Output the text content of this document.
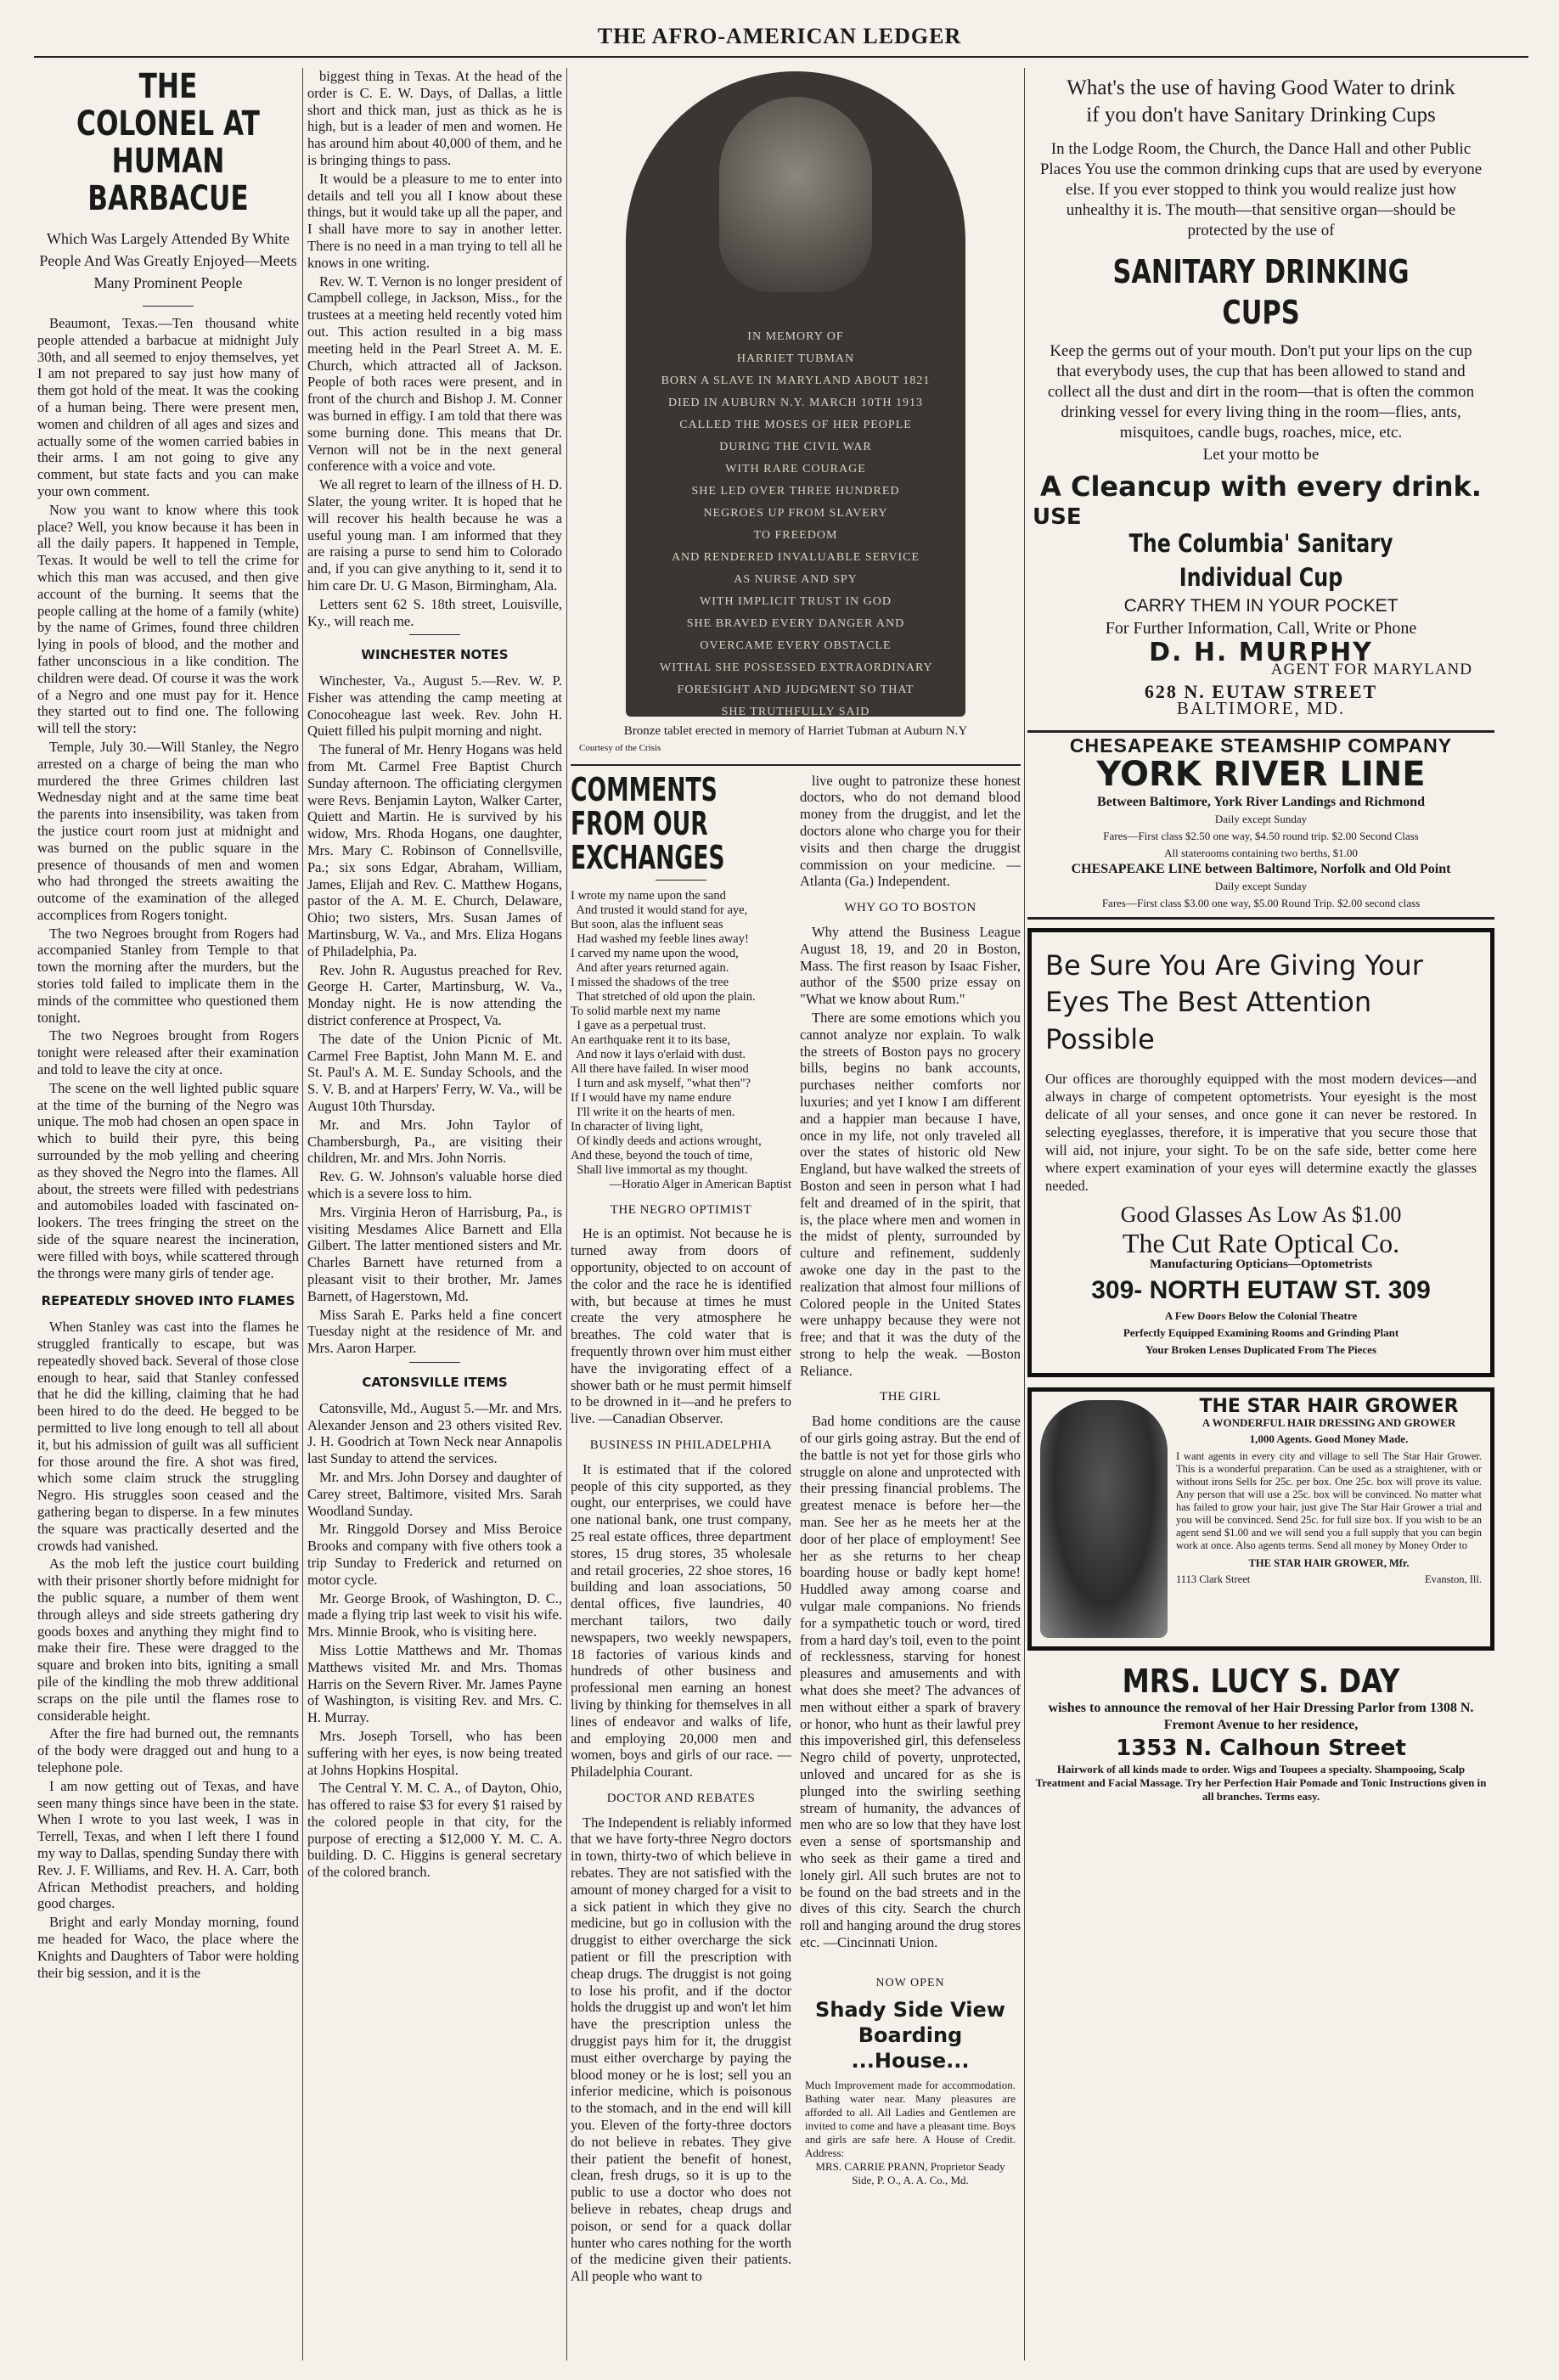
THE AFRO-AMERICAN LEDGER
THE COLONEL AT HUMAN BARBACUE
Which Was Largely Attended By White People And Was Greatly Enjoyed—Meets Many Prominent People
Beaumont, Texas.—Ten thousand white people attended a barbacue at midnight July 30th, and all seemed to enjoy themselves, yet I am not prepared to say just how many of them got hold of the meat. It was the cooking of a human being. There were present men, women and children of all ages and sizes and actually some of the women carried babies in their arms. I am not going to give any comment, but state facts and you can make your own comment.
Now you want to know where this took place? Well, you know because it has been in all the daily papers. It happened in Temple, Texas. It would be well to tell the crime for which this man was accused, and then give account of the burning. It seems that the people calling at the home of a family (white) by the name of Grimes, found three children lying in pools of blood, and the mother and father unconscious in a like condition. The children were dead. Of course it was the work of a Negro and one must pay for it. Hence they started out to find one. The following will tell the story:
Temple, July 30.—Will Stanley, the Negro arrested on a charge of being the man who murdered the three Grimes children last Wednesday night and at the same time beat the parents into insensibility, was taken from the justice court room just at midnight and was burned on the public square in the presence of thousands of men and women who had thronged the streets awaiting the outcome of the examination of the alleged accomplices from Rogers tonight.
The two Negroes brought from Rogers had accompanied Stanley from Temple to that town the morning after the murders, but the stories told failed to implicate them in the minds of the committee who questioned them tonight.
The two Negroes brought from Rogers tonight were released after their examination and told to leave the city at once.
The scene on the well lighted public square at the time of the burning of the Negro was unique. The mob had chosen an open space in which to build their pyre, this being surrounded by the mob yelling and cheering as they shoved the Negro into the flames. All about, the streets were filled with pedestrians and automobiles loaded with fascinated on-lookers. The trees fringing the street on the side of the square nearest the incineration, were filled with boys, while scattered through the throngs were many girls of tender age.
REPEATEDLY SHOVED INTO FLAMES
When Stanley was cast into the flames he struggled frantically to escape, but was repeatedly shoved back. Several of those close enough to hear, said that Stanley confessed that he did the killing, claiming that he had been hired to do the deed. He begged to be permitted to live long enough to tell all about it, but his admission of guilt was all sufficient for those around the fire. A shot was fired, which some claim struck the struggling Negro. His struggles soon ceased and the gathering began to disperse. In a few minutes the square was practically deserted and the crowds had vanished.
As the mob left the justice court building with their prisoner shortly before midnight for the public square, a number of them went through alleys and side streets gathering dry goods boxes and anything they might find to make their fire. These were dragged to the square and broken into bits, igniting a small pile of the kindling the mob threw additional scraps on the pile until the flames rose to considerable height.
After the fire had burned out, the remnants of the body were dragged out and hung to a telephone pole.
I am now getting out of Texas, and have seen many things since have been in the state. When I wrote to you last week, I was in Terrell, Texas, and when I left there I found my way to Dallas, spending Sunday there with Rev. J. F. Williams, and Rev. H. A. Carr, both African Methodist preachers, and holding good charges.
Bright and early Monday morning, found me headed for Waco, the place where the Knights and Daughters of Tabor were holding their big session, and it is the
biggest thing in Texas. At the head of the order is C. E. W. Days, of Dallas, a little short and thick man, just as thick as he is high, but is a leader of men and women. He has around him about 40,000 of them, and he is bringing things to pass.
It would be a pleasure to me to enter into details and tell you all I know about these things, but it would take up all the paper, and I shall have more to say in another letter. There is no need in a man trying to tell all he knows in one writing.
Rev. W. T. Vernon is no longer president of Campbell college, in Jackson, Miss., for the trustees at a meeting held recently voted him out. This action resulted in a big mass meeting held in the Pearl Street A. M. E. Church, which attracted all of Jackson. People of both races were present, and in front of the church and Bishop J. M. Conner was burned in effigy. I am told that there was some burning done. This means that Dr. Vernon will not be in the next general conference with a voice and vote.
We all regret to learn of the illness of H. D. Slater, the young writer. It is hoped that he will recover his health because he was a useful young man. I am informed that they are raising a purse to send him to Colorado and, if you can give anything to it, send it to him care Dr. U. G Mason, Birmingham, Ala.
Letters sent 62 S. 18th street, Louisville, Ky., will reach me.
WINCHESTER NOTES
Winchester, Va., August 5.—Rev. W. P. Fisher was attending the camp meeting at Conocoheague last week. Rev. John H. Quiett filled his pulpit morning and night.
The funeral of Mr. Henry Hogans was held from Mt. Carmel Free Baptist Church Sunday afternoon. The officiating clergymen were Revs. Benjamin Layton, Walker Carter, Quiett and Martin. He is survived by his widow, Mrs. Rhoda Hogans, one daughter, Mrs. Mary C. Robinson of Connellsville, Pa.; six sons Edgar, Abraham, William, James, Elijah and Rev. C. Matthew Hogans, pastor of the A. M. E. Church, Delaware, Ohio; two sisters, Mrs. Susan James of Martinsburg, W. Va., and Mrs. Eliza Hogans of Philadelphia, Pa.
Rev. John R. Augustus preached for Rev. George H. Carter, Martinsburg, W. Va., Monday night. He is now attending the district conference at Prospect, Va.
The date of the Union Picnic of Mt. Carmel Free Baptist, John Mann M. E. and St. Paul's A. M. E. Sunday Schools, and the S. V. B. and at Harpers' Ferry, W. Va., will be August 10th Thursday.
Mr. and Mrs. John Taylor of Chambersburgh, Pa., are visiting their children, Mr. and Mrs. John Norris.
Rev. G. W. Johnson's valuable horse died which is a severe loss to him.
Mrs. Virginia Heron of Harrisburg, Pa., is visiting Mesdames Alice Barnett and Ella Gilbert. The latter mentioned sisters and Mr. Charles Barnett have returned from a pleasant visit to their brother, Mr. James Barnett, of Hagerstown, Md.
Miss Sarah E. Parks held a fine concert Tuesday night at the residence of Mr. and Mrs. Aaron Harper.
CATONSVILLE ITEMS
Catonsville, Md., August 5.—Mr. and Mrs. Alexander Jenson and 23 others visited Rev. J. H. Goodrich at Town Neck near Annapolis last Sunday to attend the services.
Mr. and Mrs. John Dorsey and daughter of Carey street, Baltimore, visited Mrs. Sarah Woodland Sunday.
Mr. Ringgold Dorsey and Miss Beroice Brooks and company with five others took a trip Sunday to Frederick and returned on motor cycle.
Mr. George Brook, of Washington, D. C., made a flying trip last week to visit his wife. Mrs. Minnie Brook, who is visiting here.
Miss Lottie Matthews and Mr. Thomas Matthews visited Mr. and Mrs. Thomas Harris on the Severn River. Mr. James Payne of Washington, is visiting Rev. and Mrs. C. H. Murray.
Mrs. Joseph Torsell, who has been suffering with her eyes, is now being treated at Johns Hopkins Hospital.
The Central Y. M. C. A., of Dayton, Ohio, has offered to raise $3 for every $1 raised by the colored people in that city, for the purpose of erecting a $12,000 Y. M. C. A. building. D. C. Higgins is general secretary of the colored branch.
IN MEMORY OF
HARRIET TUBMAN
BORN A SLAVE IN MARYLAND ABOUT 1821
DIED IN AUBURN N.Y. MARCH 10TH 1913
CALLED THE MOSES OF HER PEOPLE
DURING THE CIVIL WAR
WITH RARE COURAGE
SHE LED OVER THREE HUNDRED
NEGROES UP FROM SLAVERY
TO FREEDOM
AND RENDERED INVALUABLE SERVICE
AS NURSE AND SPY
WITH IMPLICIT TRUST IN GOD
SHE BRAVED EVERY DANGER AND
OVERCAME EVERY OBSTACLE
WITHAL SHE POSSESSED EXTRAORDINARY
FORESIGHT AND JUDGMENT SO THAT
SHE TRUTHFULLY SAID
Bronze tablet erected in memory of Harriet Tubman at Auburn N.Y
Courtesy of the Crisis
COMMENTS FROM OUR EXCHANGES
I wrote my name upon the sand
And trusted it would stand for aye,
But soon, alas the influent seas
Had washed my feeble lines away!
I carved my name upon the wood,
And after years returned again.
I missed the shadows of the tree
That stretched of old upon the plain.
To solid marble next my name
I gave as a perpetual trust.
An earthquake rent it to its base,
And now it lays o'erlaid with dust.
All there have failed. In wiser mood
I turn and ask myself, "what then"?
If I would have my name endure
I'll write it on the hearts of men.
In character of living light,
Of kindly deeds and actions wrought,
And these, beyond the touch of time,
Shall live immortal as my thought.
—Horatio Alger in American Baptist
THE NEGRO OPTIMIST
He is an optimist. Not because he is turned away from doors of opportunity, objected to on account of the color and the race he is identified with, but because at times he must create the very atmosphere he breathes. The cold water that is frequently thrown over him must either have the invigorating effect of a shower bath or he must permit himself to be drowned in it—and he prefers to live. —Canadian Observer.
BUSINESS IN PHILADELPHIA
It is estimated that if the colored people of this city supported, as they ought, our enterprises, we could have one national bank, one trust company, 25 real estate offices, three department stores, 15 drug stores, 35 wholesale and retail groceries, 22 shoe stores, 16 building and loan associations, 50 dental offices, five laundries, 40 merchant tailors, two daily newspapers, two weekly newspapers, 18 factories of various kinds and hundreds of other business and professional men earning an honest living by thinking for themselves in all lines of endeavor and walks of life, and employing 20,000 men and women, boys and girls of our race. —Philadelphia Courant.
DOCTOR AND REBATES
The Independent is reliably informed that we have forty-three Negro doctors in town, thirty-two of which believe in rebates. They are not satisfied with the amount of money charged for a visit to a sick patient in which they give no medicine, but go in collusion with the druggist to either overcharge the sick patient or fill the prescription with cheap drugs. The druggist is not going to lose his profit, and if the doctor holds the druggist up and won't let him have the prescription unless the druggist pays him for it, the druggist must either overcharge by paying the blood money or he is lost; sell you an inferior medicine, which is poisonous to the stomach, and in the end will kill you. Eleven of the forty-three doctors do not believe in rebates. They give their patient the benefit of honest, clean, fresh drugs, so it is up to the public to use a doctor who does not believe in rebates, cheap drugs and poison, or send for a quack dollar hunter who cares nothing for the worth of the medicine given their patients. All people who want to
live ought to patronize these honest doctors, who do not demand blood money from the druggist, and let the doctors alone who charge you for their visits and then charge the druggist commission on your medicine. —Atlanta (Ga.) Independent.
WHY GO TO BOSTON
Why attend the Business League August 18, 19, and 20 in Boston, Mass. The first reason by Isaac Fisher, author of the $500 prize essay on "What we know about Rum."
There are some emotions which you cannot analyze nor explain. To walk the streets of Boston pays no grocery bills, begins no bank accounts, purchases neither comforts nor luxuries; and yet I know I am different and a happier man because I have, once in my life, not only traveled all over the states of historic old New England, but have walked the streets of Boston and seen in person what I had felt and dreamed of in the spirit, that is, the place where men and women in the midst of plenty, surrounded by culture and refinement, suddenly awoke one day in the past to the realization that almost four millions of Colored people in the United States were unhappy because they were not free; and that it was the duty of the strong to help the weak. —Boston Reliance.
THE GIRL
Bad home conditions are the cause of our girls going astray. But the end of the battle is not yet for those girls who struggle on alone and unprotected with their pressing financial problems. The greatest menace is before her—the man. See her as he meets her at the door of her place of employment! See her as she returns to her cheap boarding house or badly kept home! Huddled away among coarse and vulgar male companions. No friends for a sympathetic touch or word, tired from a hard day's toil, even to the point of recklessness, starving for honest pleasures and amusements and with what does she meet? The advances of men without either a spark of bravery or honor, who hunt as their lawful prey this impoverished girl, this defenseless Negro child of poverty, unprotected, unloved and uncared for as she is plunged into the swirling seething stream of humanity, the advances of men who are so low that they have lost even a sense of sportsmanship and who seek as their game a tired and lonely girl. All such brutes are not to be found on the bad streets and in the dives of this city. Search the church roll and hanging around the drug stores etc. —Cincinnati Union.
NOW OPEN
Shady Side View Boarding ...House...
Much Improvement made for accommodation. Bathing water near. Many pleasures are afforded to all. All Ladies and Gentlemen are invited to come and have a pleasant time. Boys and girls are safe here. A House of Credit. Address:
MRS. CARRIE PRANN, Proprietor Seady Side, P. O., A. A. Co., Md.
What's the use of having Good Water to drink if you don't have Sanitary Drinking Cups
In the Lodge Room, the Church, the Dance Hall and other Public Places You use the common drinking cups that are used by everyone else. If you ever stopped to think you would realize just how unhealthy it is. The mouth—that sensitive organ—should be protected by the use of
SANITARY DRINKING CUPS
Keep the germs out of your mouth. Don't put your lips on the cup that everybody uses, the cup that has been allowed to stand and collect all the dust and dirt in the room—that is often the common drinking vessel for every living thing in the room—flies, ants, misquitoes, candle bugs, roaches, mice, etc.
Let your motto be
A Cleancup with every drink.
USE
The Columbia' Sanitary Individual Cup
CARRY THEM IN YOUR POCKET
For Further Information, Call, Write or Phone
D. H. MURPHY
AGENT FOR MARYLAND
628 N. EUTAW STREET
BALTIMORE, MD.
CHESAPEAKE STEAMSHIP COMPANY
YORK RIVER LINE
Between Baltimore, York River Landings and Richmond
Daily except Sunday
Fares—First class $2.50 one way, $4.50 round trip. $2.00 Second Class
All staterooms containing two berths, $1.00
CHESAPEAKE LINE between Baltimore, Norfolk and Old Point
Daily except Sunday
Fares—First class $3.00 one way, $5.00 Round Trip. $2.00 second class
Be Sure You Are Giving Your
Eyes The Best Attention Possible
Our offices are thoroughly equipped with the most modern devices—and always in charge of competent optometrists. Your eyesight is the most delicate of all your senses, and once gone it can never be restored. In selecting eyeglasses, therefore, it is imperative that you secure those that will aid, not injure, your sight. To be on the safe side, better come here where expert examination of your eyes will determine exactly the glasses needed.
Good Glasses As Low As $1.00
The Cut Rate Optical Co.
Manufacturing Opticians—Optometrists
309- NORTH EUTAW ST. 309
A Few Doors Below the Colonial Theatre
Perfectly Equipped Examining Rooms and Grinding Plant
Your Broken Lenses Duplicated From The Pieces
THE STAR HAIR GROWER
A WONDERFUL HAIR DRESSING AND GROWER
1,000 Agents. Good Money Made.
I want agents in every city and village to sell The Star Hair Grower. This is a wonderful preparation. Can be used as a straightener, with or without irons Sells for 25c. per box. One 25c. box will prove its value. Any person that will use a 25c. box will be convinced. No matter what has failed to grow your hair, just give The Star Hair Grower a trial and you will be convinced. Send 25c. for full size box. If you wish to be an agent send $1.00 and we will send you a full supply that you can begin work at once. Also agents terms. Send all money by Money Order to
THE STAR HAIR GROWER, Mfr.
1113 Clark Street	Evanston, Ill.
MRS. LUCY S. DAY
wishes to announce the removal of her Hair Dressing Parlor from 1308 N. Fremont Avenue to her residence,
1353 N. Calhoun Street
Hairwork of all kinds made to order. Wigs and Toupees a specialty. Shampooing, Scalp Treatment and Facial Massage. Try her Perfection Hair Pomade and Tonic Instructions given in all branches. Terms easy.
